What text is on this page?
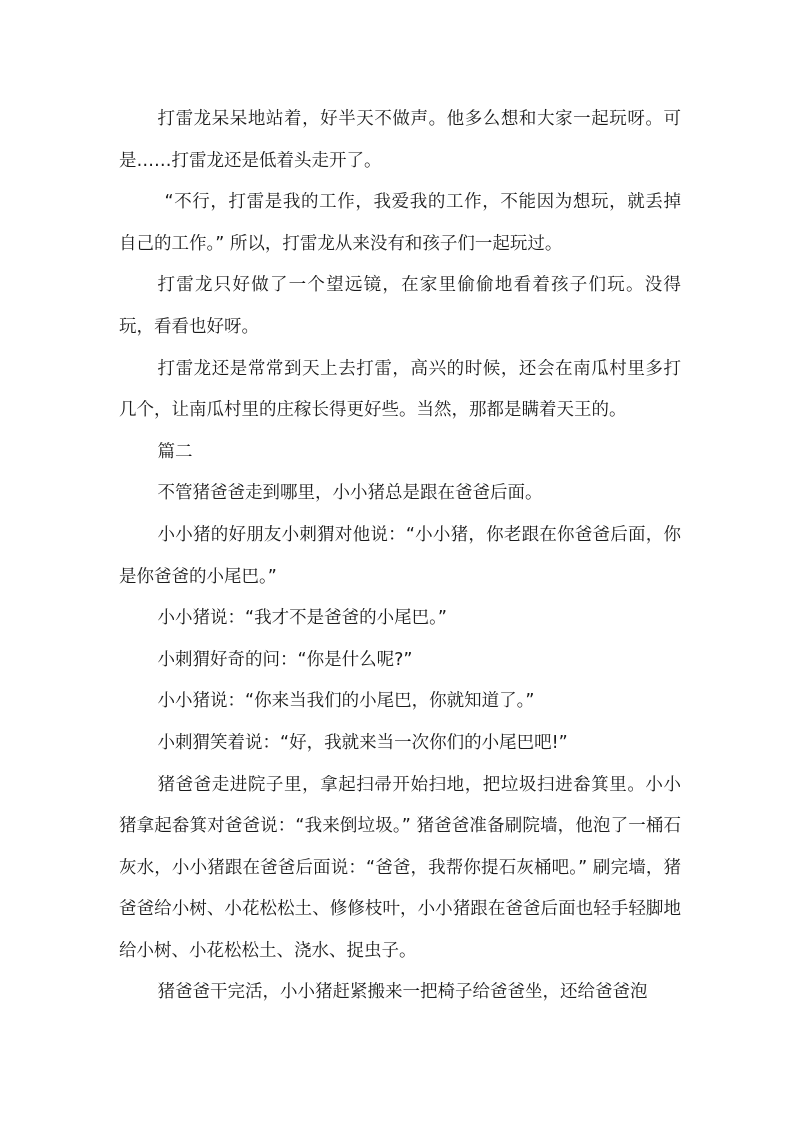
打雷龙呆呆地站着，好半天不做声。他多么想和大家一起玩呀。可是……打雷龙还是低着头走开了。

“不行，打雷是我的工作，我爱我的工作，不能因为想玩，就丢掉自己的工作。” 所以，打雷龙从来没有和孩子们一起玩过。

打雷龙只好做了一个望远镜，在家里偷偷地看着孩子们玩。没得玩，看看也好呀。

打雷龙还是常常到天上去打雷，高兴的时候，还会在南瓜村里多打几个，让南瓜村里的庄稼长得更好些。当然，那都是瞒着天王的。

篇二

不管猪爸爸走到哪里，小小猪总是跟在爸爸后面。

小小猪的好朋友小刺猬对他说：“小小猪，你老跟在你爸爸后面，你是你爸爸的小尾巴。”

小小猪说：“我才不是爸爸的小尾巴。”

小刺猬好奇的问：“你是什么呢?”

小小猪说：“你来当我们的小尾巴，你就知道了。”

小刺猬笑着说：“好，我就来当一次你们的小尾巴吧!”

猪爸爸走进院子里，拿起扫帚开始扫地，把垃圾扫进畚箕里。小小猪拿起畚箕对爸爸说：“我来倒垃圾。” 猪爸爸准备刷院墙，他泡了一桶石灰水，小小猪跟在爸爸后面说：“爸爸，我帮你提石灰桶吧。” 刷完墙，猪爸爸给小树、小花松松土、修修枝叶，小小猪跟在爸爸后面也轻手轻脚地给小树、小花松松土、浇水、捉虫子。

猪爸爸干完活，小小猪赶紧搬来一把椅子给爸爸坐，还给爸爸泡
